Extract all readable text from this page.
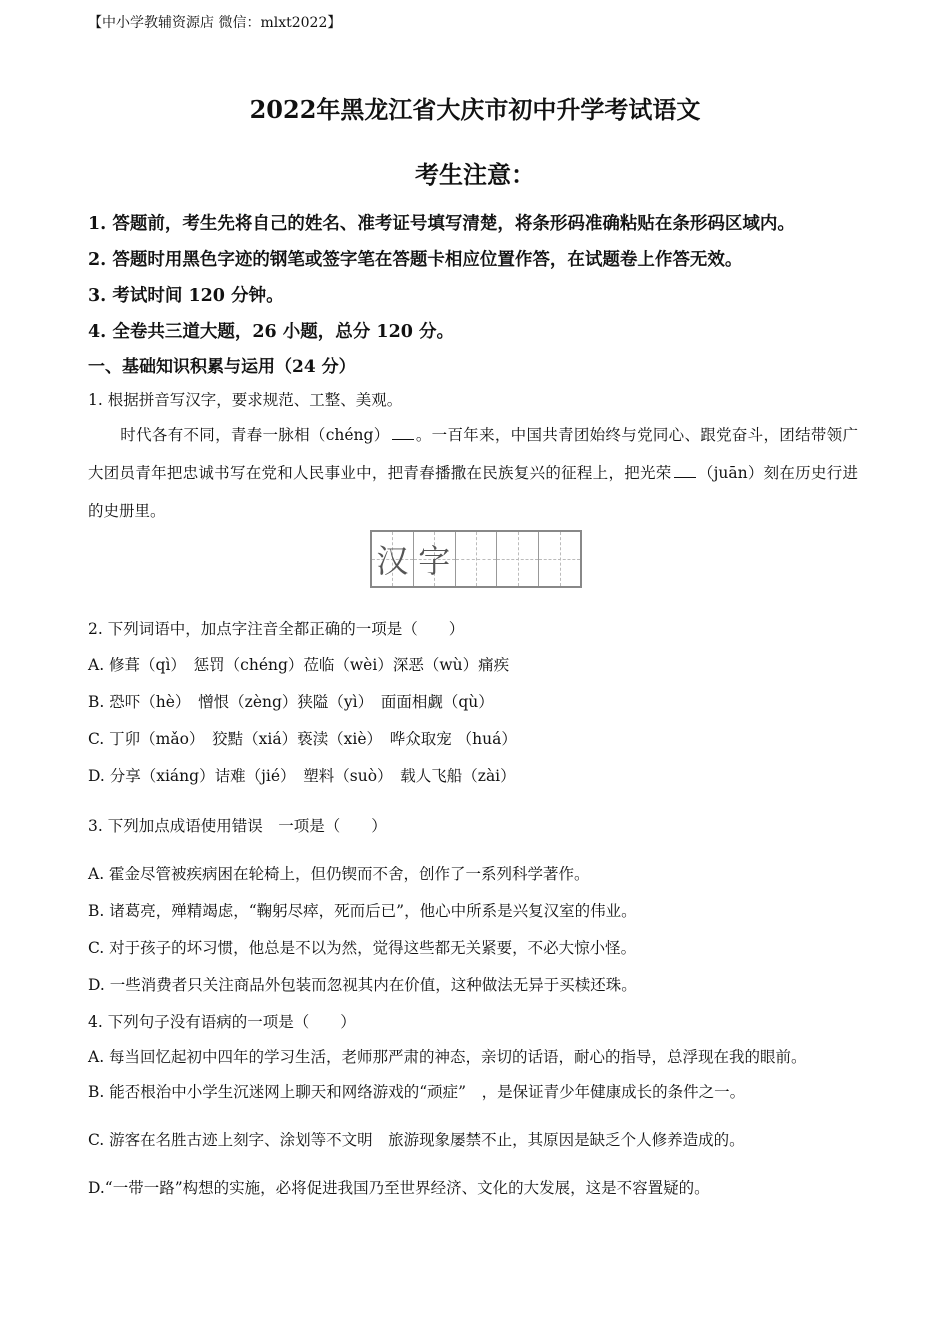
【中小学教辅资源店 微信：mlxt2022】
2022年黑龙江省大庆市初中升学考试语文
考生注意：
1. 答题前，考生先将自己的姓名、准考证号填写清楚，将条形码准确粘贴在条形码区域内。
2. 答题时用黑色字迹的钢笔或签字笔在答题卡相应位置作答，在试题卷上作答无效。
3. 考试时间 120 分钟。
4. 全卷共三道大题，26 小题，总分 120 分。
一、基础知识积累与运用（24 分）
1. 根据拼音写汉字，要求规范、工整、美观。
时代各有不同，青春一脉相（chéng） 。一百年来，中国共青团始终与党同心、跟党奋斗，团结带领广大团员青年把忠诚书写在党和人民事业中，把青春播撒在民族复兴的征程上，把光荣 （juān）刻在历史行进的史册里。
汉 字
2. 下列词语中，加点字注音全都正确的一项是（　　）
A. 修葺（qì）　惩罚（chéng）莅临（wèi）深恶（wù）痛疾
B. 恐吓（hè）　憎恨（zèng）狭隘（yì）　面面相觑（qù）
C. 丁卯（mǎo）　狡黠（xiá）亵渎（xiè）　哗众取宠 （huá）
D. 分享（xiáng）诘难（jié）　塑料（suò）　载人飞船（zài）
3. 下列加点成语使用错误　一项是（　　）
A. 霍金尽管被疾病困在轮椅上，但仍锲而不舍，创作了一系列科学著作。
B. 诸葛亮，殚精竭虑，“鞠躬尽瘁，死而后已”，他心中所系是兴复汉室的伟业。
C. 对于孩子的坏习惯，他总是不以为然，觉得这些都无关紧要，不必大惊小怪。
D. 一些消费者只关注商品外包装而忽视其内在价值，这种做法无异于买椟还珠。
4. 下列句子没有语病的一项是（　　）
A. 每当回忆起初中四年的学习生活，老师那严肃的神态，亲切的话语，耐心的指导，总浮现在我的眼前。
B. 能否根治中小学生沉迷网上聊天和网络游戏的“顽症”　，是保证青少年健康成长的条件之一。
C. 游客在名胜古迹上刻字、涂划等不文明　旅游现象屡禁不止，其原因是缺乏个人修养造成的。
D.“一带一路”构想的实施，必将促进我国乃至世界经济、文化的大发展，这是不容置疑的。
